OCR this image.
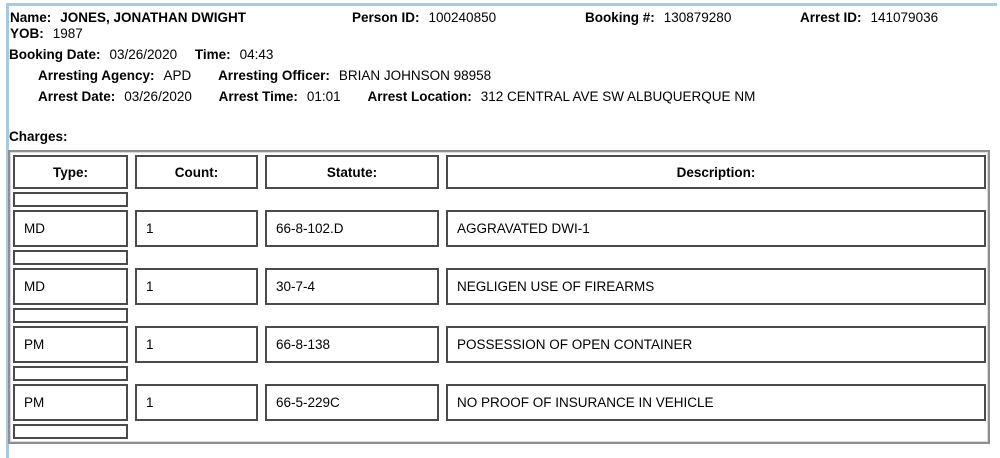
Name: JONES, JONATHAN DWIGHT	Person ID: 100240850	Booking #: 130879280	Arrest ID: 141079036
YOB: 1987
Booking Date: 03/26/2020 Time: 04:43
Arresting Agency: APD Arresting Officer: BRIAN JOHNSON 98958
Arrest Date: 03/26/2020 Arrest Time: 01:01 Arrest Location: 312 CENTRAL AVE SW ALBUQUERQUE NM
Charges:
Type:	Count:	Statute:	Description:
MD	1	66-8-102.D	AGGRAVATED DWI-1
MD	1	30-7-4	NEGLIGEN USE OF FIREARMS
PM	1	66-8-138	POSSESSION OF OPEN CONTAINER
PM	1	66-5-229C	NO PROOF OF INSURANCE IN VEHICLE
